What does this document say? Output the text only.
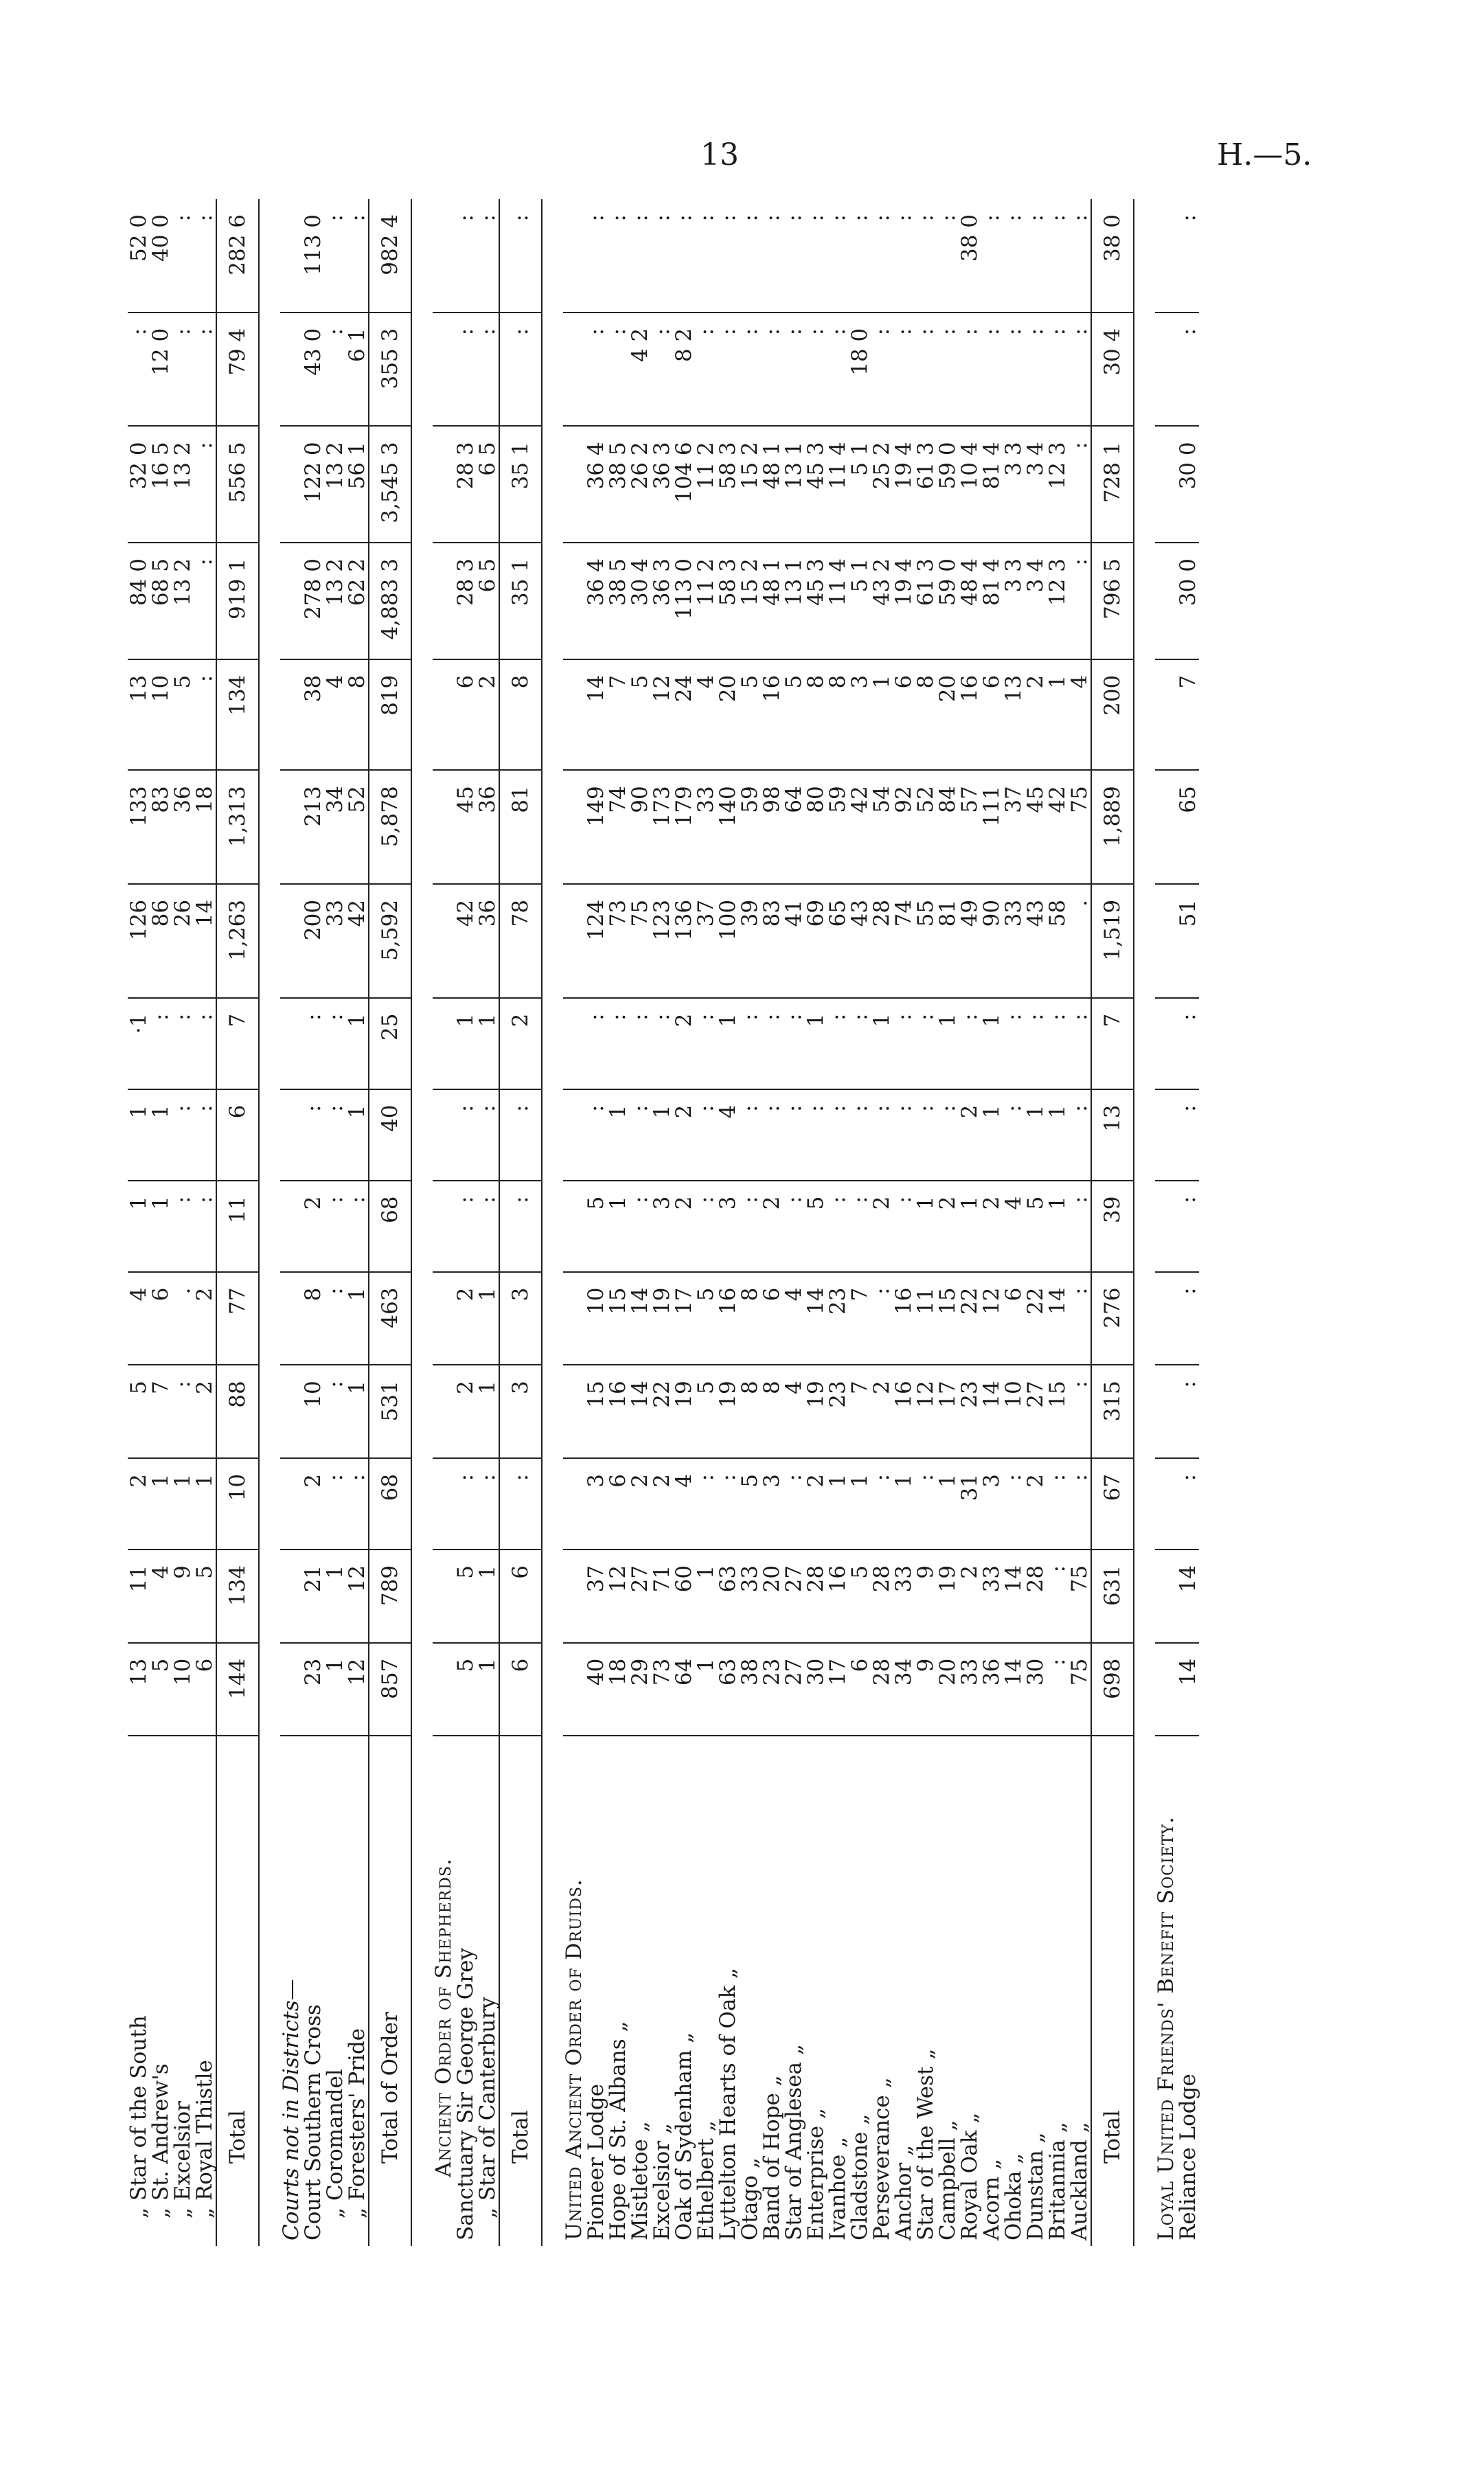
13	H.—5.
„ Star of the South	13	11	2	5	4	1	1	·1	126	133	13	84 0	32 0	:	52 0
„ St. Andrew's	5	4	1	7	6	1	1	:	86	83	10	68 5	16 5	12 0	40 0
„ Excelsior	10	9	1	:	.	:	:	:	26	36	5	13 2	13 2	:	:
„ Royal Thistle	6	5	1	2	2	:	:	:	14	18	:	:	:	:	:
Total	144	134	10	88	77	11	6	7	1,263	1,313	134	919 1	556 5	79 4	282 6

Courts not in Districts—															
Court Southern Cross	23	21	2	10	8	2	:	:	200	213	38	278 0	122 0	43 0	113 0
„ Coromandel	1	1	:	:	:	:	:	:	33	34	4	13 2	13 2	:	:
„ Foresters' Pride	12	12	:	1	1	:	1	1	42	52	8	62 2	56 1	6 1	:
Total of Order	857	789	68	531	463	68	40	25	5,592	5,878	819	4,883 3	3,545 3	355 3	982 4

Ancient Order of Shepherds.															
Sanctuary Sir George Grey	5	5	:	2	2	:	:	1	42	45	6	28 3	28 3	:	:
„ Star of Canterbury	1	1	:	1	1	:	:	1	36	36	2	6 5	6 5	:	:
Total	6	6	:	3	3	:	:	2	78	81	8	35 1	35 1	:	:

United Ancient Order of Druids.															
Pioneer Lodge	40	37	3	15	10	5	:	:	124	149	14	36 4	36 4	:	:
Hope of St. Albans „	18	12	6	16	15	1	1	:	73	74	7	38 5	38 5	:	:
Mistletoe „	29	27	2	14	14	:	:	:	75	90	5	30 4	26 2	4 2	:
Excelsior „	73	71	2	22	19	3	1	:	123	173	12	36 3	36 3	:	:
Oak of Sydenham „	64	60	4	19	17	2	2	2	136	179	24	113 0	104 6	8 2	:
Ethelbert „	1	1	:	5	5	:	:	:	37	33	4	11 2	11 2	:	:
Lyttelton Hearts of Oak „	63	63	:	19	16	3	4	1	100	140	20	58 3	58 3	:	:
Otago „	38	33	5	8	8	:	:	:	39	59	5	15 2	15 2	:	:
Band of Hope „	23	20	3	8	6	2	:	:	83	98	16	48 1	48 1	:	:
Star of Anglesea „	27	27	:	4	4	:	:	:	41	64	5	13 1	13 1	:	:
Enterprise „	30	28	2	19	14	5	:	1	69	80	8	45 3	45 3	:	:
Ivanhoe „	17	16	1	23	23	:	:	:	65	59	8	11 4	11 4	:	:
Gladstone „	6	5	1	7	7	:	:	:	43	42	3	5 1	5 1	18 0	:
Perseverance „	28	28	:	2	:	2	:	1	28	54	1	43 2	25 2	:	:
Anchor „	34	33	1	16	16	:	:	:	74	92	6	19 4	19 4	:	:
Star of the West „	9	9	:	12	11	1	:	:	55	52	8	61 3	61 3	:	:
Campbell „	20	19	1	17	15	2	:	1	81	84	20	59 0	59 0	:	:
Royal Oak „	33	2	31	23	22	1	2	:	49	57	16	48 4	10 4	:	38 0
Acorn „	36	33	3	14	12	2	1	1	90	111	6	81 4	81 4	:	:
Ohoka „	14	14	:	10	6	4	:	:	33	37	13	3 3	3 3	:	:
Dunstan „	30	28	2	27	22	5	1	:	43	45	2	3 4	3 4	:	:
Britannia „	:	:	:	15	14	1	1	:	58	42	1	12 3	12 3	:	:
Auckland „	75	75	:	:	:	:	:	:	.	75	4	:	:	:	:
Total	698	631	67	315	276	39	13	7	1,519	1,889	200	796 5	728 1	30 4	38 0

Loyal United Friends' Benefit Society.															
Reliance Lodge	14	14	:	:	:	:	:	:	51	65	7	30 0	30 0	:	:
